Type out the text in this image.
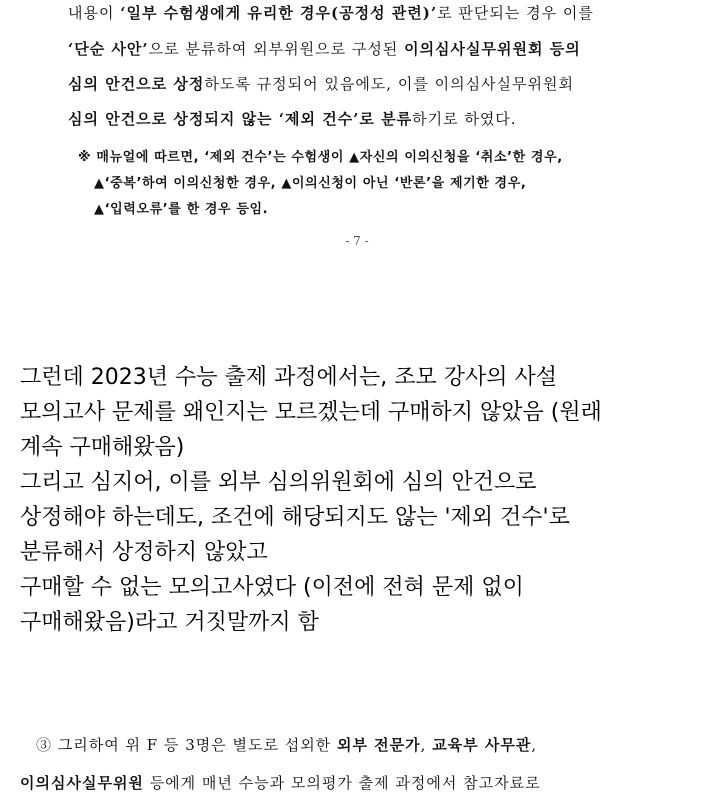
내용이 ‘일부 수험생에게 유리한 경우(공정성 관련)’로 판단되는 경우 이를
‘단순 사안’으로 분류하여 외부위원으로 구성된 이의심사실무위원회 등의
심의 안건으로 상정하도록 규정되어 있음에도, 이를 이의심사실무위원회
심의 안건으로 상정되지 않는 ‘제외 건수’로 분류하기로 하였다.
※ 매뉴얼에 따르면, ‘제외 건수’는 수험생이 ▲자신의 이의신청을 ‘취소’한 경우,
▲‘중복’하여 이의신청한 경우, ▲이의신청이 아닌 ‘반론’을 제기한 경우,
▲‘입력오류’를 한 경우 등임.
- 7 -
그런데 2023년 수능 출제 과정에서는, 조모 강사의 사설
모의고사 문제를 왜인지는 모르겠는데 구매하지 않았음 (원래
계속 구매해왔음)
그리고 심지어, 이를 외부 심의위원회에 심의 안건으로
상정해야 하는데도, 조건에 해당되지도 않는 '제외 건수'로
분류해서 상정하지 않았고
구매할 수 없는 모의고사였다 (이전에 전혀 문제 없이
구매해왔음)라고 거짓말까지 함
③ 그리하여 위 F 등 3명은 별도로 섭외한 외부 전문가, 교육부 사무관,
이의심사실무위원 등에게 매년 수능과 모의평가 출제 과정에서 참고자료로
